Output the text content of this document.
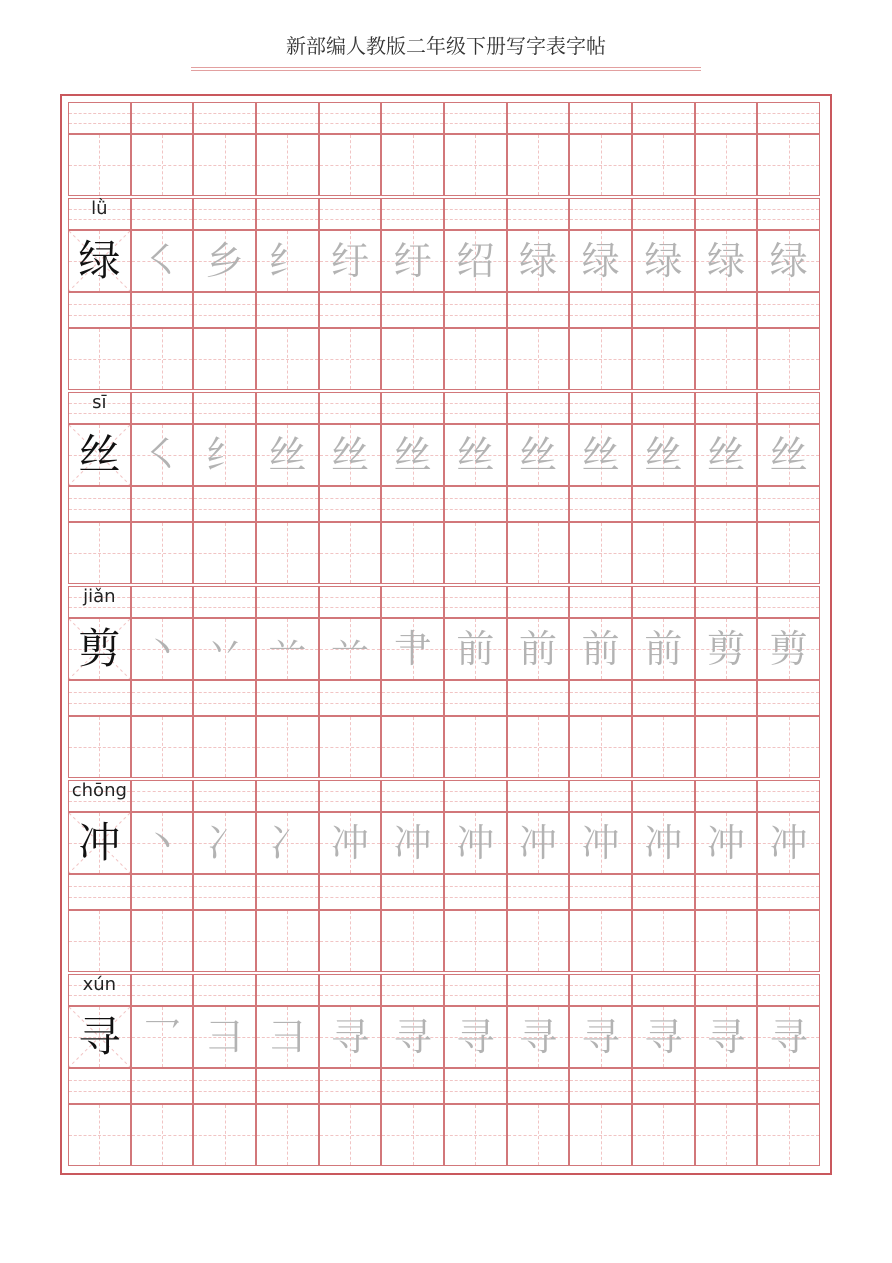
新部编人教版二年级下册写字表字帖
lǜ
绿 ㇛ 乡 纟 纡 纡 绍 绿 绿 绿 绿 绿
sī
丝 ㇛ 纟 丝 丝 丝 丝 丝 丝 丝 丝 丝
jiǎn
剪 丶 丷 䒑 䒑 肀 前 前 前 前 剪 剪
chōng
冲 丶 冫 冫 冲 冲 冲 冲 冲 冲 冲 冲
xún
寻 乛 彐 彐 寻 寻 寻 寻 寻 寻 寻 寻
